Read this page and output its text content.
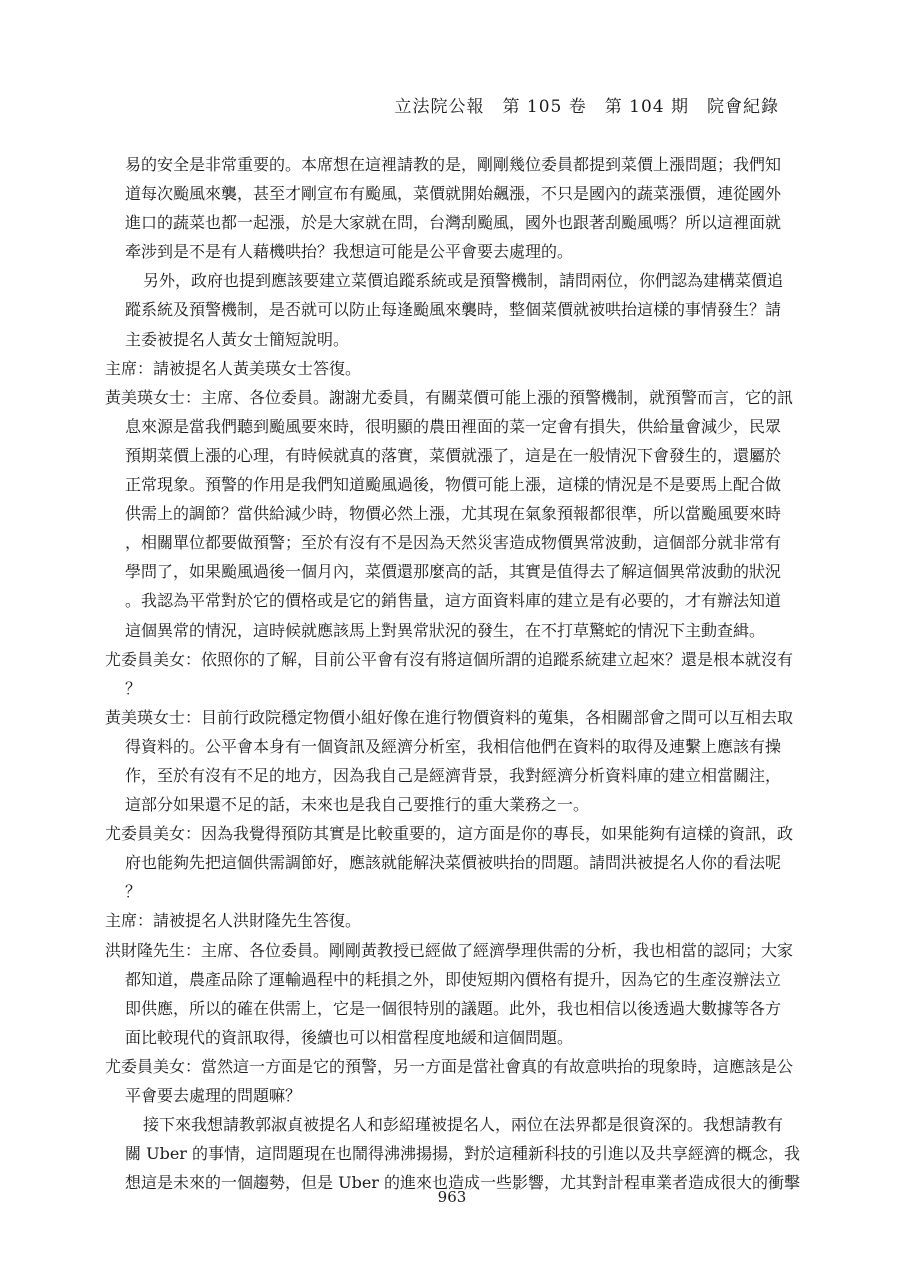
立法院公報　第 105 卷　第 104 期　院會紀錄
易的安全是非常重要的。本席想在這裡請教的是，剛剛幾位委員都提到菜價上漲問題；我們知
道每次颱風來襲，甚至才剛宣布有颱風，菜價就開始飆漲，不只是國內的蔬菜漲價，連從國外
進口的蔬菜也都一起漲，於是大家就在問，台灣刮颱風，國外也跟著刮颱風嗎？所以這裡面就
牽涉到是不是有人藉機哄抬？我想這可能是公平會要去處理的。
另外，政府也提到應該要建立菜價追蹤系統或是預警機制，請問兩位，你們認為建構菜價追
蹤系統及預警機制，是否就可以防止每逢颱風來襲時，整個菜價就被哄抬這樣的事情發生？請
主委被提名人黃女士簡短說明。
主席：請被提名人黃美瑛女士答復。
黃美瑛女士：主席、各位委員。謝謝尤委員，有關菜價可能上漲的預警機制，就預警而言，它的訊
息來源是當我們聽到颱風要來時，很明顯的農田裡面的菜一定會有損失，供給量會減少，民眾
預期菜價上漲的心理，有時候就真的落實，菜價就漲了，這是在一般情況下會發生的，還屬於
正常現象。預警的作用是我們知道颱風過後，物價可能上漲，這樣的情況是不是要馬上配合做
供需上的調節？當供給減少時，物價必然上漲，尤其現在氣象預報都很準，所以當颱風要來時
，相關單位都要做預警；至於有沒有不是因為天然災害造成物價異常波動，這個部分就非常有
學問了，如果颱風過後一個月內，菜價還那麼高的話，其實是值得去了解這個異常波動的狀況
。我認為平常對於它的價格或是它的銷售量，這方面資料庫的建立是有必要的，才有辦法知道
這個異常的情況，這時候就應該馬上對異常狀況的發生，在不打草驚蛇的情況下主動查緝。
尤委員美女：依照你的了解，目前公平會有沒有將這個所謂的追蹤系統建立起來？還是根本就沒有
？
黃美瑛女士：目前行政院穩定物價小組好像在進行物價資料的蒐集，各相關部會之間可以互相去取
得資料的。公平會本身有一個資訊及經濟分析室，我相信他們在資料的取得及連繫上應該有操
作，至於有沒有不足的地方，因為我自己是經濟背景，我對經濟分析資料庫的建立相當關注，
這部分如果還不足的話，未來也是我自己要推行的重大業務之一。
尤委員美女：因為我覺得預防其實是比較重要的，這方面是你的專長，如果能夠有這樣的資訊，政
府也能夠先把這個供需調節好，應該就能解決菜價被哄抬的問題。請問洪被提名人你的看法呢
？
主席：請被提名人洪財隆先生答復。
洪財隆先生：主席、各位委員。剛剛黃教授已經做了經濟學理供需的分析，我也相當的認同；大家
都知道，農產品除了運輸過程中的耗損之外，即使短期內價格有提升，因為它的生產沒辦法立
即供應，所以的確在供需上，它是一個很特別的議題。此外，我也相信以後透過大數據等各方
面比較現代的資訊取得，後續也可以相當程度地緩和這個問題。
尤委員美女：當然這一方面是它的預警，另一方面是當社會真的有故意哄抬的現象時，這應該是公
平會要去處理的問題嘛？
接下來我想請教郭淑貞被提名人和彭紹瑾被提名人，兩位在法界都是很資深的。我想請教有
關 Uber 的事情，這問題現在也鬧得沸沸揚揚，對於這種新科技的引進以及共享經濟的概念，我
想這是未來的一個趨勢，但是 Uber 的進來也造成一些影響，尤其對計程車業者造成很大的衝擊
963
